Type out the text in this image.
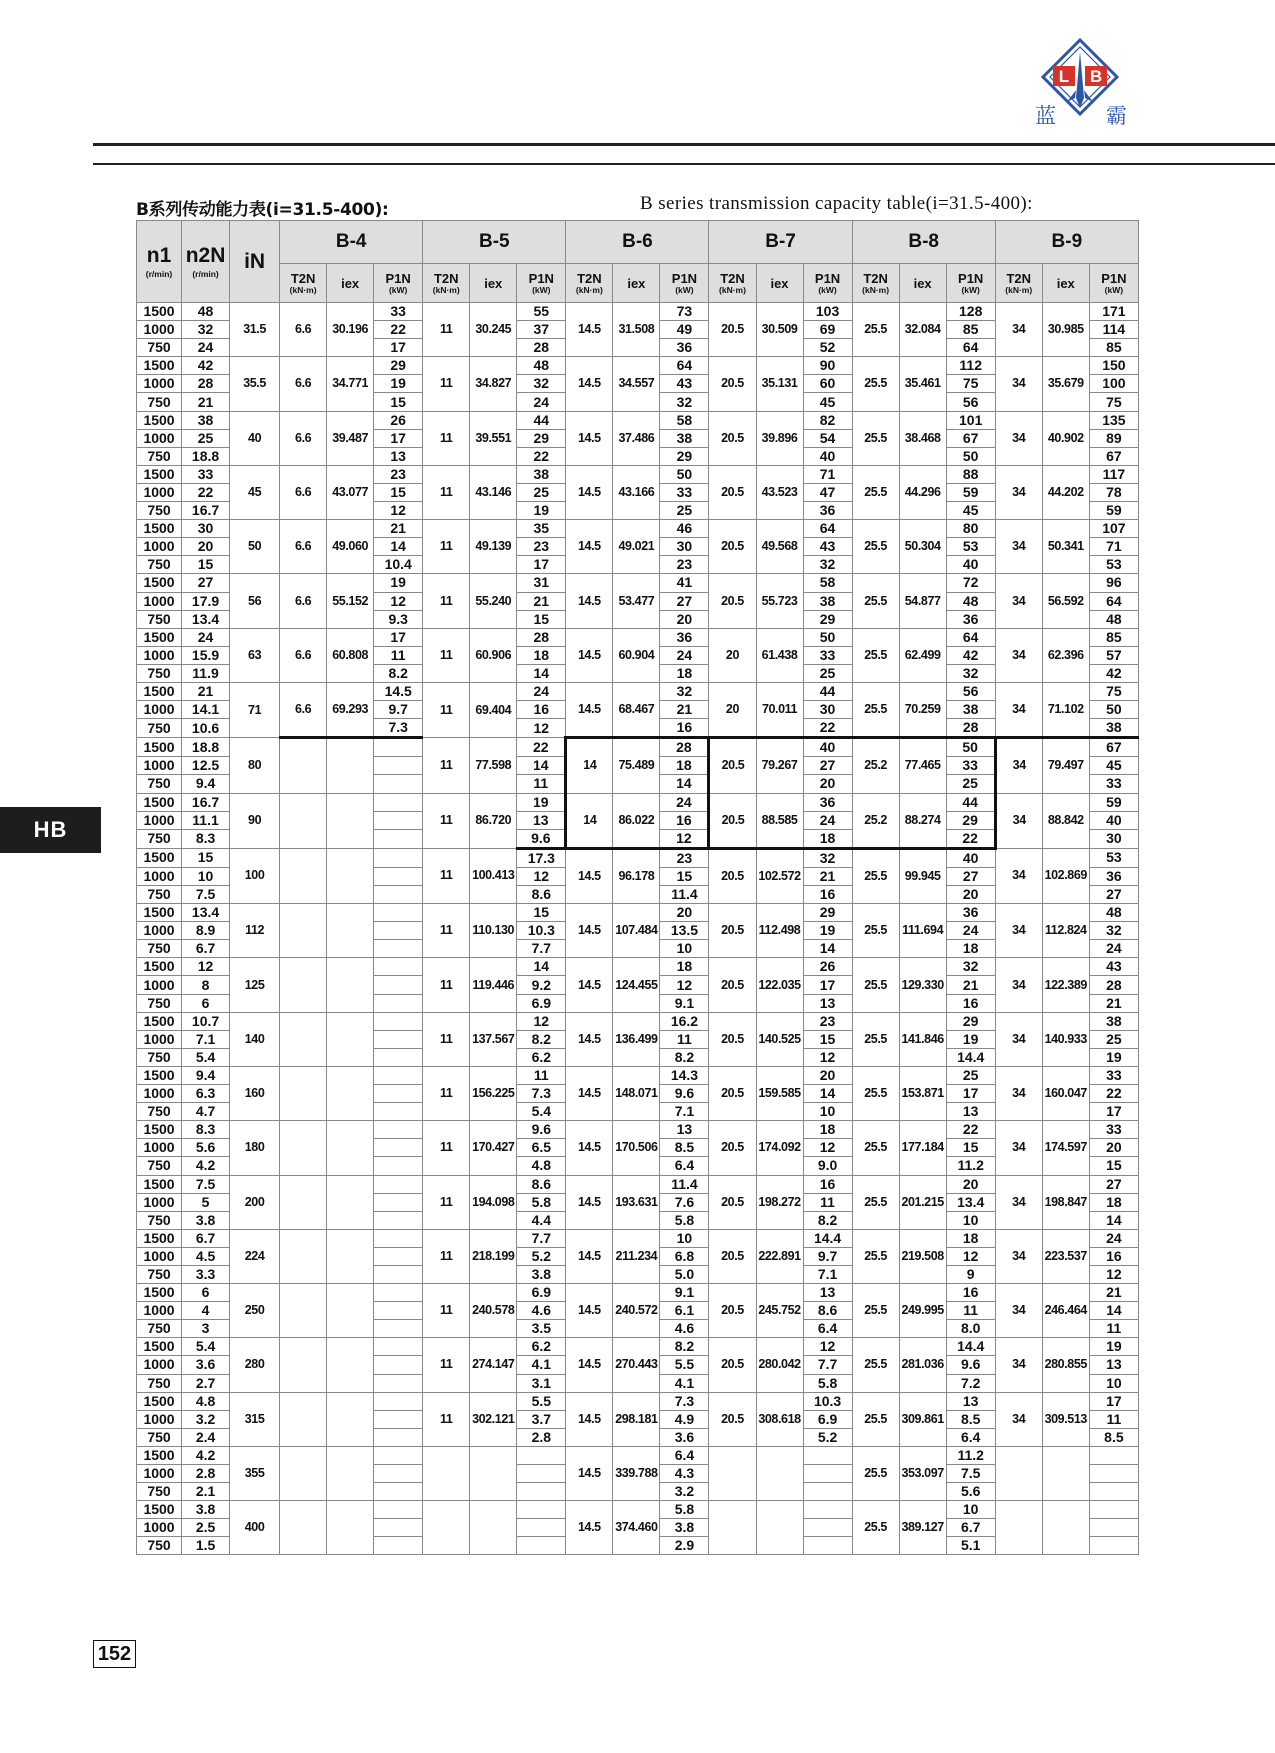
L B
蓝 霸
B系列传动能力表(i=31.5-400):	B series transmission capacity table(i=31.5-400):
HB
152
n1
(r/min)	n2N
(r/min)	iN	B-4			B-5			B-6			B-7			B-8			B-9		
			T2N
(kN·m)	iex	P1N
(kW)	T2N
(kN·m)	iex	P1N
(kW)	T2N
(kN·m)	iex	P1N
(kW)	T2N
(kN·m)	iex	P1N
(kW)	T2N
(kN·m)	iex	P1N
(kW)	T2N
(kN·m)	iex	P1N
(kW)

1500	48	31.5	6.6	30.196	33	11	30.245	55	14.5	31.508	73	20.5	30.509	103	25.5	32.084	128	34	30.985	171
1000	32				22			37			49			69			85			114
750	24				17			28			36			52			64			85
1500	42	35.5	6.6	34.771	29	11	34.827	48	14.5	34.557	64	20.5	35.131	90	25.5	35.461	112	34	35.679	150
1000	28				19			32			43			60			75			100
750	21				15			24			32			45			56			75
1500	38	40	6.6	39.487	26	11	39.551	44	14.5	37.486	58	20.5	39.896	82	25.5	38.468	101	34	40.902	135
1000	25				17			29			38			54			67			89
750	18.8				13			22			29			40			50			67
1500	33	45	6.6	43.077	23	11	43.146	38	14.5	43.166	50	20.5	43.523	71	25.5	44.296	88	34	44.202	117
1000	22				15			25			33			47			59			78
750	16.7				12			19			25			36			45			59
1500	30	50	6.6	49.060	21	11	49.139	35	14.5	49.021	46	20.5	49.568	64	25.5	50.304	80	34	50.341	107
1000	20				14			23			30			43			53			71
750	15				10.4			17			23			32			40			53
1500	27	56	6.6	55.152	19	11	55.240	31	14.5	53.477	41	20.5	55.723	58	25.5	54.877	72	34	56.592	96
1000	17.9				12			21			27			38			48			64
750	13.4				9.3			15			20			29			36			48
1500	24	63	6.6	60.808	17	11	60.906	28	14.5	60.904	36	20	61.438	50	25.5	62.499	64	34	62.396	85
1000	15.9				11			18			24			33			42			57
750	11.9				8.2			14			18			25			32			42
1500	21	71	6.6	69.293	14.5	11	69.404	24	14.5	68.467	32	20	70.011	44	25.5	70.259	56	34	71.102	75
1000	14.1				9.7			16			21			30			38			50
750	10.6				7.3			12			16			22			28			38
1500	18.8	80				11	77.598	22	14	75.489	28	20.5	79.267	40	25.2	77.465	50	34	79.497	67
1000	12.5							14			18			27			33			45
750	9.4							11			14			20			25			33
1500	16.7	90				11	86.720	19	14	86.022	24	20.5	88.585	36	25.2	88.274	44	34	88.842	59
1000	11.1							13			16			24			29			40
750	8.3							9.6			12			18			22			30
1500	15	100				11	100.413	17.3	14.5	96.178	23	20.5	102.572	32	25.5	99.945	40	34	102.869	53
1000	10							12			15			21			27			36
750	7.5							8.6			11.4			16			20			27
1500	13.4	112				11	110.130	15	14.5	107.484	20	20.5	112.498	29	25.5	111.694	36	34	112.824	48
1000	8.9							10.3			13.5			19			24			32
750	6.7							7.7			10			14			18			24
1500	12	125				11	119.446	14	14.5	124.455	18	20.5	122.035	26	25.5	129.330	32	34	122.389	43
1000	8							9.2			12			17			21			28
750	6							6.9			9.1			13			16			21
1500	10.7	140				11	137.567	12	14.5	136.499	16.2	20.5	140.525	23	25.5	141.846	29	34	140.933	38
1000	7.1							8.2			11			15			19			25
750	5.4							6.2			8.2			12			14.4			19
1500	9.4	160				11	156.225	11	14.5	148.071	14.3	20.5	159.585	20	25.5	153.871	25	34	160.047	33
1000	6.3							7.3			9.6			14			17			22
750	4.7							5.4			7.1			10			13			17
1500	8.3	180				11	170.427	9.6	14.5	170.506	13	20.5	174.092	18	25.5	177.184	22	34	174.597	33
1000	5.6							6.5			8.5			12			15			20
750	4.2							4.8			6.4			9.0			11.2			15
1500	7.5	200				11	194.098	8.6	14.5	193.631	11.4	20.5	198.272	16	25.5	201.215	20	34	198.847	27
1000	5							5.8			7.6			11			13.4			18
750	3.8							4.4			5.8			8.2			10			14
1500	6.7	224				11	218.199	7.7	14.5	211.234	10	20.5	222.891	14.4	25.5	219.508	18	34	223.537	24
1000	4.5							5.2			6.8			9.7			12			16
750	3.3							3.8			5.0			7.1			9			12
1500	6	250				11	240.578	6.9	14.5	240.572	9.1	20.5	245.752	13	25.5	249.995	16	34	246.464	21
1000	4							4.6			6.1			8.6			11			14
750	3							3.5			4.6			6.4			8.0			11
1500	5.4	280				11	274.147	6.2	14.5	270.443	8.2	20.5	280.042	12	25.5	281.036	14.4	34	280.855	19
1000	3.6							4.1			5.5			7.7			9.6			13
750	2.7							3.1			4.1			5.8			7.2			10
1500	4.8	315				11	302.121	5.5	14.5	298.181	7.3	20.5	308.618	10.3	25.5	309.861	13	34	309.513	17
1000	3.2							3.7			4.9			6.9			8.5			11
750	2.4							2.8			3.6			5.2			6.4			8.5
1500	4.2	355							14.5	339.788	6.4				25.5	353.097	11.2			
1000	2.8										4.3						7.5			
750	2.1										3.2						5.6			
1500	3.8	400							14.5	374.460	5.8				25.5	389.127	10			
1000	2.5										3.8						6.7			
750	1.5										2.9						5.1			
